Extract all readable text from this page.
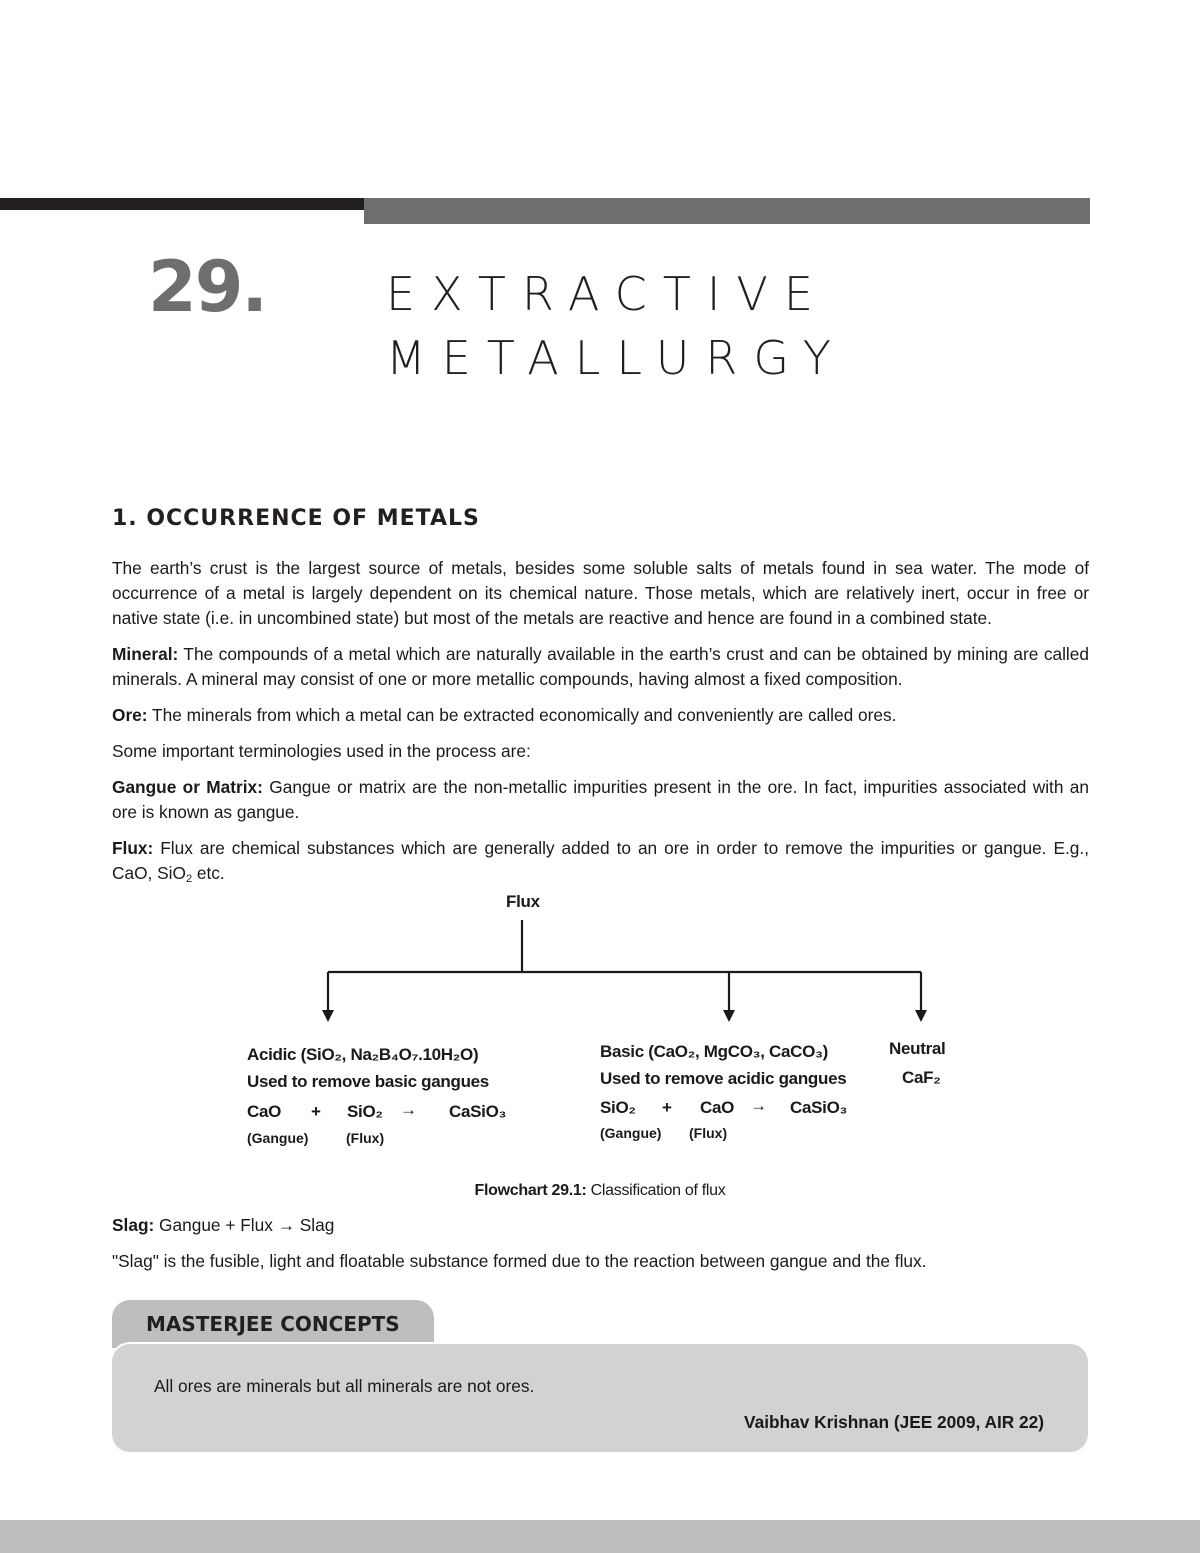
29.	EXTRACTIVE
METALLURGY
1. OCCURRENCE OF METALS

The earth’s crust is the largest source of metals, besides some soluble salts of metals found in sea water. The mode of occurrence of a metal is largely dependent on its chemical nature. Those metals, which are relatively inert, occur in free or native state (i.e. in uncombined state) but most of the metals are reactive and hence are found in a combined state.

Mineral: The compounds of a metal which are naturally available in the earth’s crust and can be obtained by mining are called minerals. A mineral may consist of one or more metallic compounds, having almost a fixed composition.

Ore: The minerals from which a metal can be extracted economically and conveniently are called ores.

Some important terminologies used in the process are:

Gangue or Matrix: Gangue or matrix are the non-metallic impurities present in the ore. In fact, impurities associated with an ore is known as gangue.

Flux: Flux are chemical substances which are generally added to an ore in order to remove the impurities or gangue. E.g., CaO, SiO$_2$ etc.

Flux
Acidic (SiO₂, Na₂B₄O₇.10H₂O)
Used to remove basic gangues
CaO + SiO₂ → CaSiO₃
(Gangue)	(Flux)
Basic (CaO₂, MgCO₃, CaCO₃)
Used to remove acidic gangues
SiO₂ + CaO → CaSiO₃
(Gangue) (Flux)
Neutral
CaF₂
Flowchart 29.1: Classification of flux
Slag: Gangue + Flux → Slag
"Slag" is the fusible, light and floatable substance formed due to the reaction between gangue and the flux.
MASTERJEE CONCEPTS
All ores are minerals but all minerals are not ores.
Vaibhav Krishnan (JEE 2009, AIR 22)
